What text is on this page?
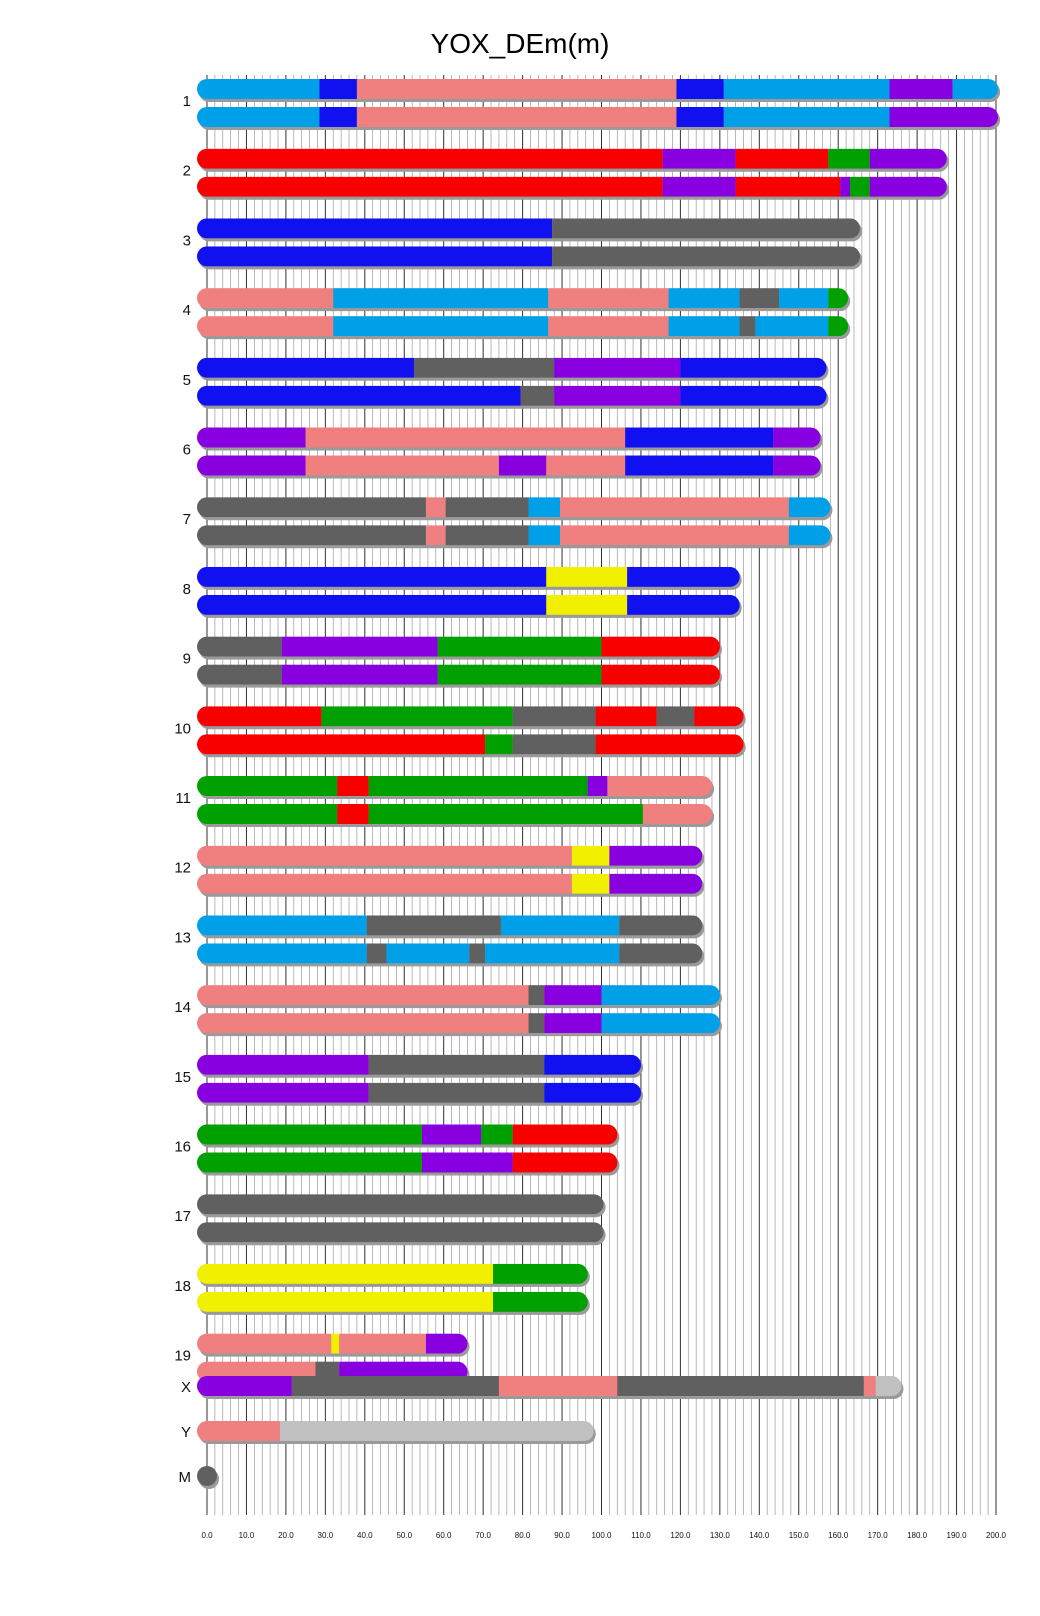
YOX_DEm(m)
0.0	10.0	20.0	30.0	40.0	50.0	60.0	70.0	80.0	90.0	100.0 110.0 120.0 130.0 140.0 150.0 160.0 170.0 180.0 190.0 200.0
1
2
3
4
5
6
7
8
9
10
11
12
13
14
15
16
17
18
19
X
Y
M
